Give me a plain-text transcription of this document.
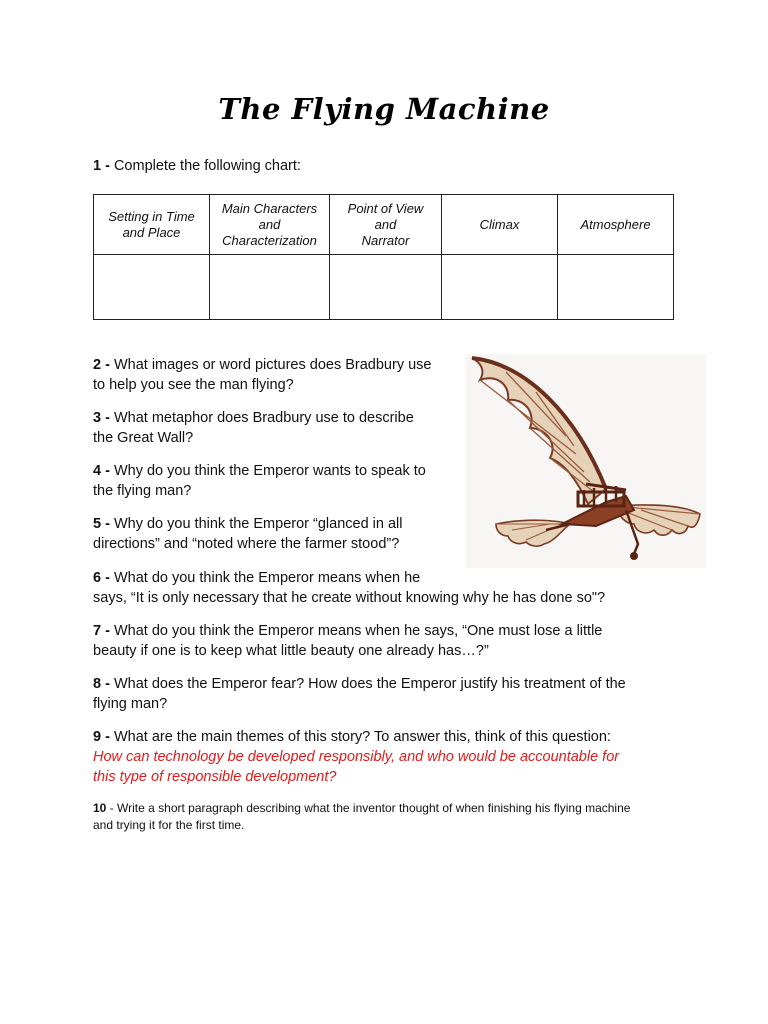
The Flying Machine

1 - Complete the following chart:

Setting in Time
and Place	Main Characters
and
Characterization	Point of View
and
Narrator	Climax	Atmosphere

2 - What images or word pictures does Bradbury use
to help you see the man flying?

3 - What metaphor does Bradbury use to describe
the Great Wall?

4 - Why do you think the Emperor wants to speak to
the flying man?

5 - Why do you think the Emperor “glanced in all
directions” and “noted where the farmer stood”?

6 - What do you think the Emperor means when he
says, “It is only necessary that he create without knowing why he has done so"?

7 - What do you think the Emperor means when he says, “One must lose a little
beauty if one is to keep what little beauty one already has…?”

8 - What does the Emperor fear? How does the Emperor justify his treatment of the
flying man?

9 - What are the main themes of this story? To answer this, think of this question:
How can technology be developed responsibly, and who would be accountable for
this type of responsible development?

10 - Write a short paragraph describing what the inventor thought of when finishing his flying machine
and trying it for the first time.
